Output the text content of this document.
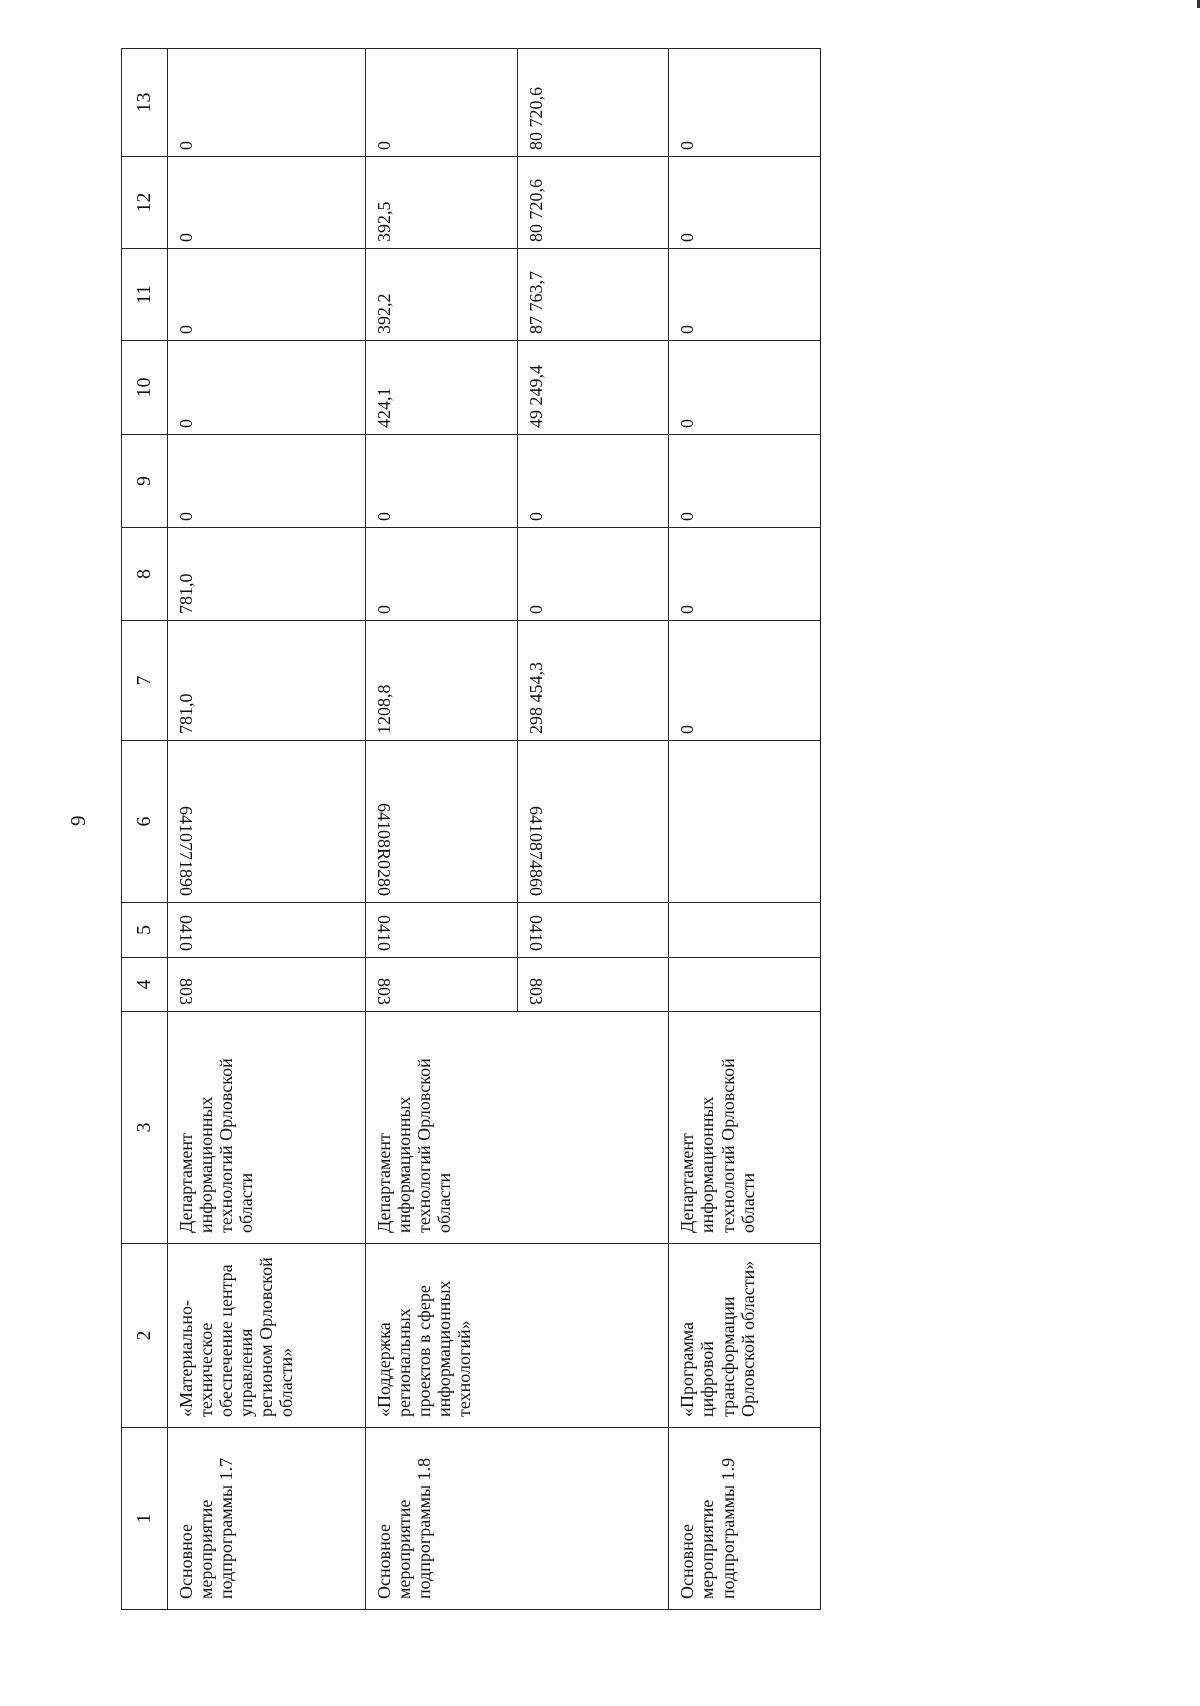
9
1	2	3	4	5	6	7	8	9	10	11	12	13
Основное мероприятие подпрограммы 1.7	«Материально-техническое обеспечение центра управления регионом Орловской области»	Департамент информационных технологий Орловской области	803	0410	6410771890	781,0	781,0	0	0	0	0	0
Основное мероприятие подпрограммы 1.8	«Поддержка региональных проектов в сфере информационных технологий»	Департамент информационных технологий Орловской области	803	0410	64108R0280	1208,8	0	0	424,1	392,2	392,5	0
			803	0410	6410874860	298 454,3	0	0	49 249,4	87 763,7	80 720,6	80 720,6
Основное мероприятие подпрограммы 1.9	«Программа цифровой трансформации Орловской области»	Департамент информационных технологий Орловской области				0	0	0	0	0	0	0
